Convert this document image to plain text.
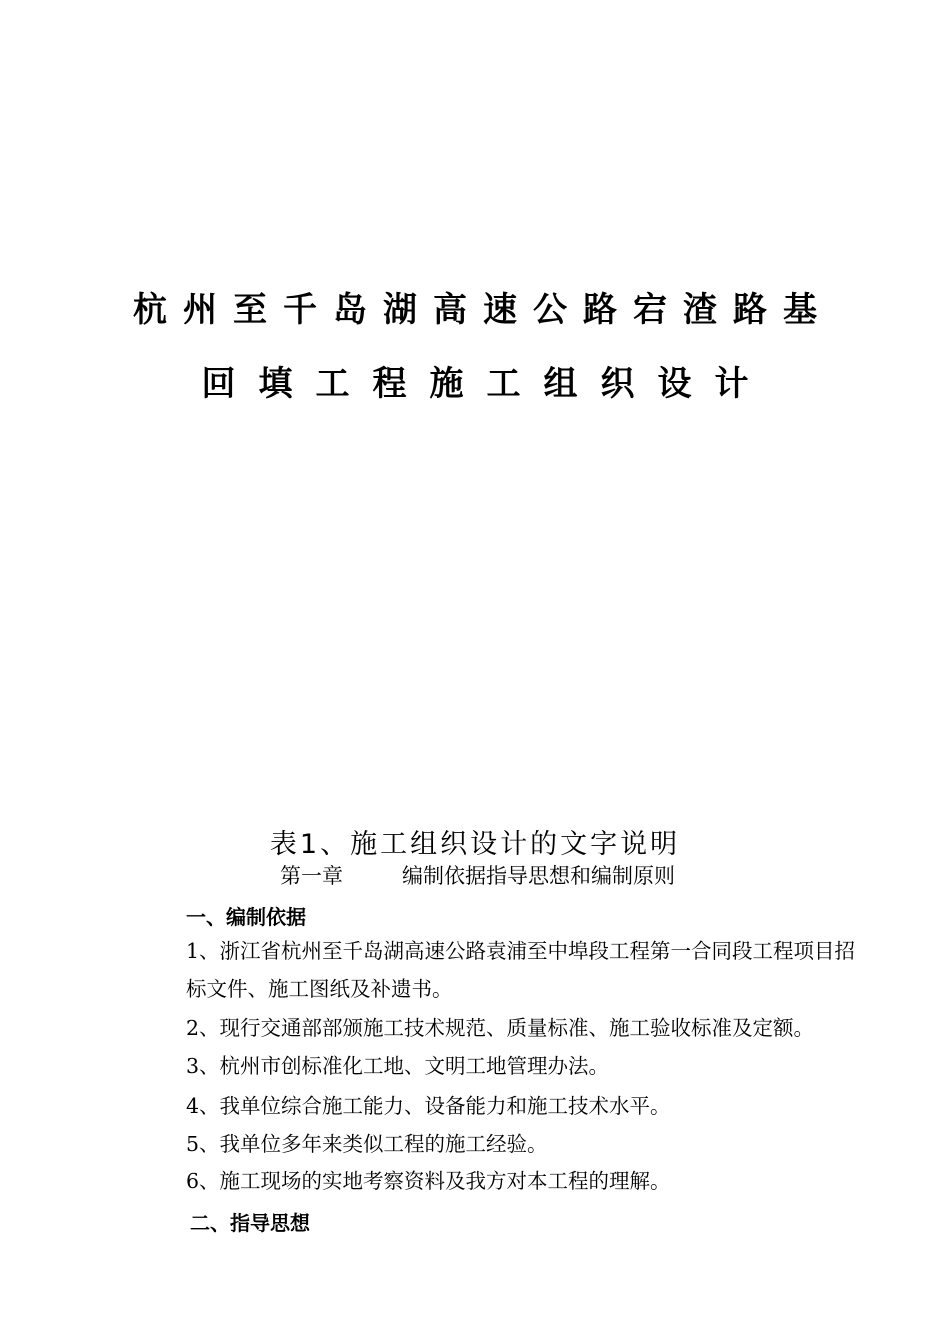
杭州至千岛湖高速公路宕渣路基
回填工程施工组织设计
表1、施工组织设计的文字说明
第一章	编制依据指导思想和编制原则
一、编制依据
1、浙江省杭州至千岛湖高速公路袁浦至中埠段工程第一合同段工程项目招标文件、施工图纸及补遗书。
2、现行交通部部颁施工技术规范、质量标准、施工验收标准及定额。
3、杭州市创标准化工地、文明工地管理办法。
4、我单位综合施工能力、设备能力和施工技术水平。
5、我单位多年来类似工程的施工经验。
6、施工现场的实地考察资料及我方对本工程的理解。
二、指导思想
